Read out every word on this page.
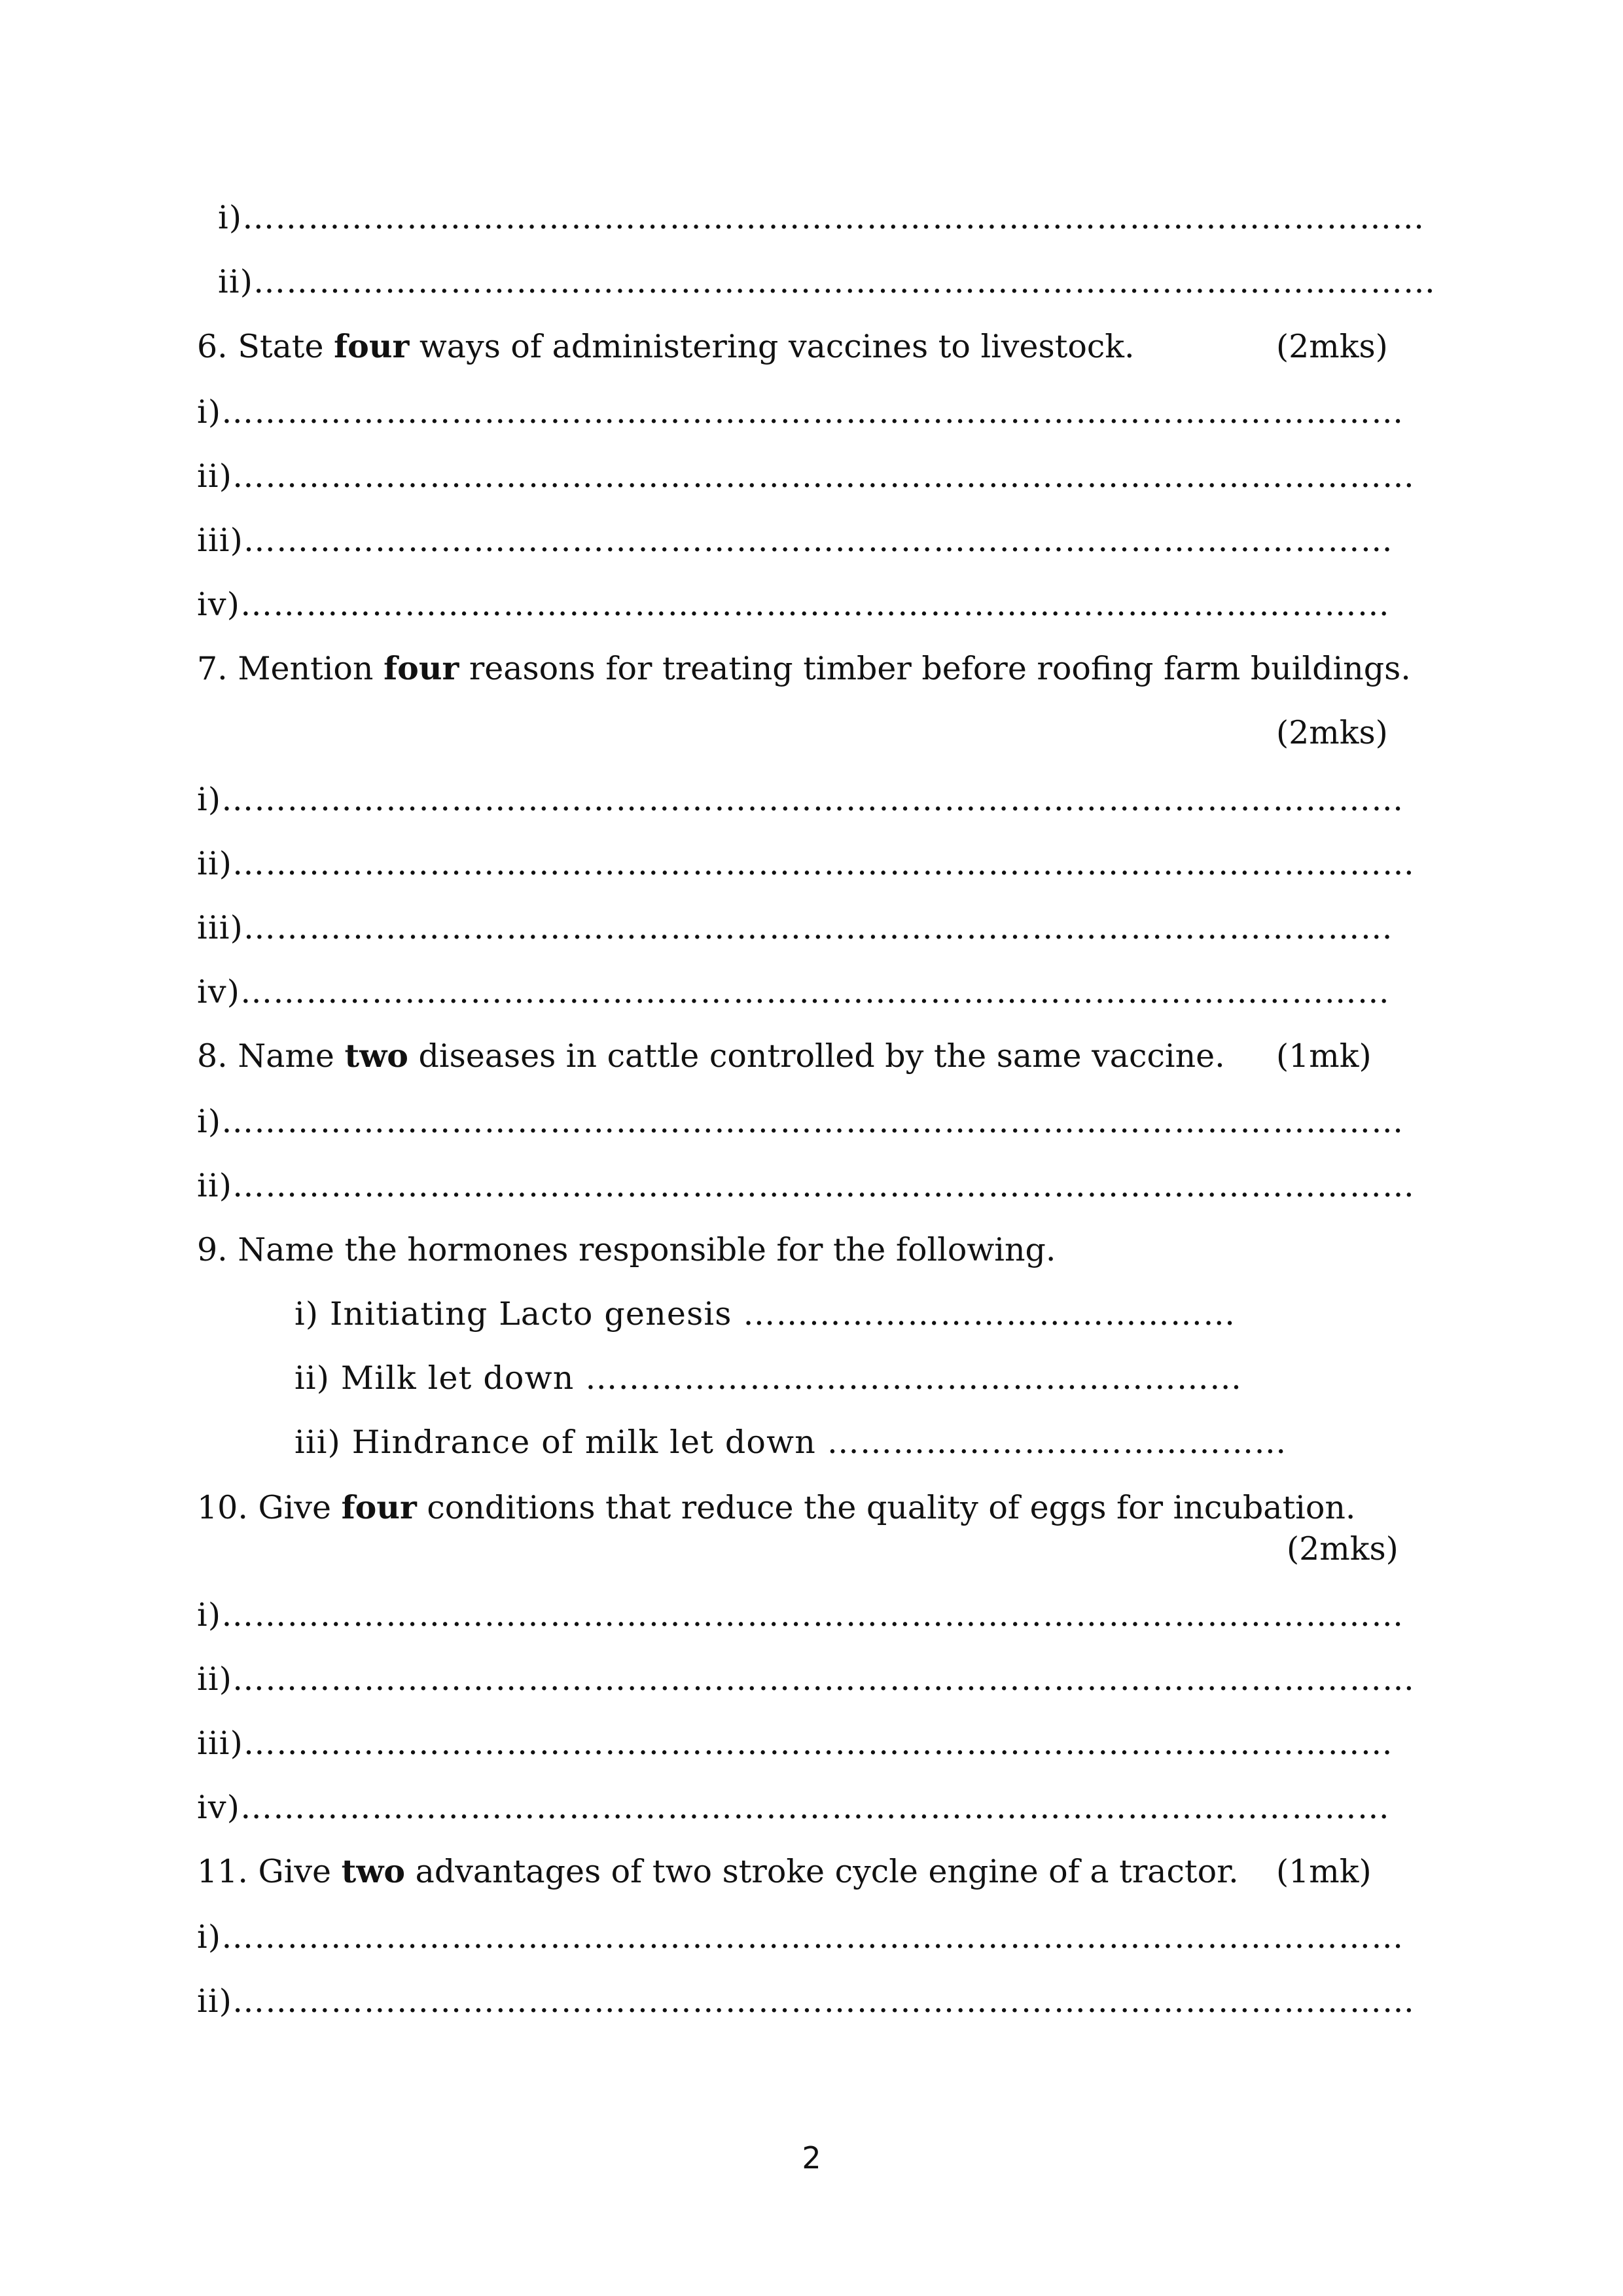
i)………………………………………………………………………………………………
ii)………………………………………………………………………………………………
6. State four ways of administering vaccines to livestock.	(2mks)
i)………………………………………………………………………………………………
ii)………………………………………………………………………………………………
iii)……………………………………………………………………………………………
iv)……………………………………………………………………………………………
7. Mention four reasons for treating timber before roofing farm buildings.
(2mks)
i)………………………………………………………………………………………………
ii)………………………………………………………………………………………………
iii)……………………………………………………………………………………………
iv)……………………………………………………………………………………………
8. Name two diseases in cattle controlled by the same vaccine. (1mk)
i)………………………………………………………………………………………………
ii)………………………………………………………………………………………………
9. Name the hormones responsible for the following.
i) Initiating Lacto genesis ………………………………………
ii) Milk let down ……………………………………………………
iii) Hindrance of milk let down ……………………………………
10. Give four conditions that reduce the quality of eggs for incubation.
(2mks)
i)………………………………………………………………………………………………
ii)………………………………………………………………………………………………
iii)……………………………………………………………………………………………
iv)……………………………………………………………………………………………
11. Give two advantages of two stroke cycle engine of a tractor. (1mk)
i)………………………………………………………………………………………………
ii)………………………………………………………………………………………………
2
